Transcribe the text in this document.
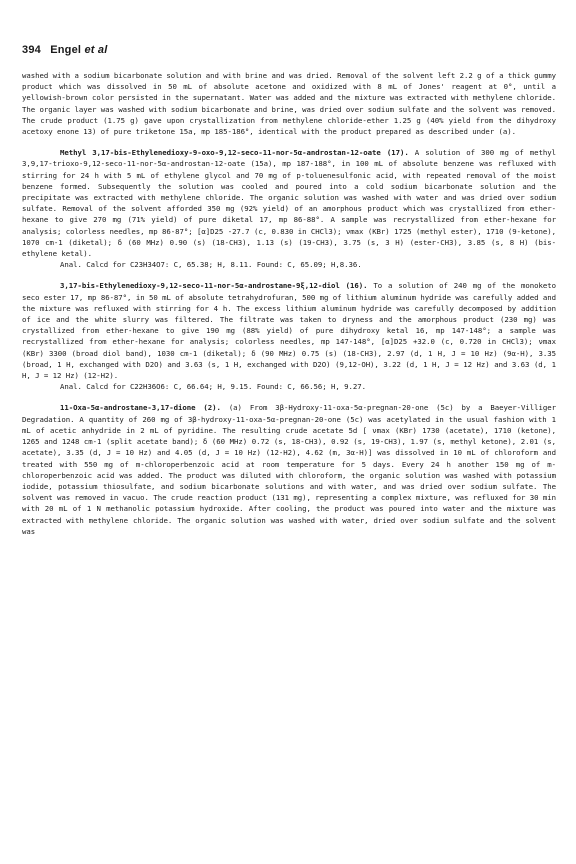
394 Engel et al

washed with a sodium bicarbonate solution and with brine and was dried. Removal of the solvent left 2.2 g of a thick gummy product which was dissolved in 50 mL of absolute acetone and oxidized with 8 mL of Jones' reagent at 0°, until a yellowish-brown color persisted in the supernatant. Water was added and the mixture was extracted with methylene chloride. The organic layer was washed with sodium bicarbonate and brine, was dried over sodium sulfate and the solvent was removed. The crude product (1.75 g) gave upon crystallization from methylene chloride-ether 1.25 g (40% yield from the dihydroxy acetoxy enone 13) of pure triketone 15a, mp 185-186°, identical with the product prepared as described under (a).

Methyl 3,17-bis-Ethylenedioxy-9-oxo-9,12-seco-11-nor-5α-androstan-12-oate (17). A solution of 300 mg of methyl 3,9,17-trioxo-9,12-seco-11-nor-5α-androstan-12-oate (15a), mp 187-188°, in 100 mL of absolute benzene was refluxed with stirring for 24 h with 5 mL of ethylene glycol and 70 mg of p-toluenesulfonic acid, with repeated removal of the moist benzene formed. Subsequently the solution was cooled and poured into a cold sodium bicarbonate solution and the precipitate was extracted with methylene chloride. The organic solution was washed with water and was dried over sodium sulfate. Removal of the solvent afforded 350 mg (92% yield) of an amorphous product which was crystallized from ether-hexane to give 270 mg (71% yield) of pure diketal 17, mp 86-88°. A sample was recrystallized from ether-hexane for analysis; colorless needles, mp 86-87°; [α]D25 -27.7 (c, 0.830 in CHCl3); νmax (KBr) 1725 (methyl ester), 1710 (9-ketone), 1070 cm-1 (diketal); δ (60 MHz) 0.90 (s) (18-CH3), 1.13 (s) (19-CH3), 3.75 (s, 3 H) (ester-CH3), 3.85 (s, 8 H) (bis-ethylene ketal).

Anal. Calcd for C23H34O7: C, 65.38; H, 8.11. Found: C, 65.09; H,8.36.

3,17-bis-Ethylenedioxy-9,12-seco-11-nor-5α-androstane-9ξ,12-diol (16). To a solution of 240 mg of the monoketo seco ester 17, mp 86-87°, in 50 mL of absolute tetrahydrofuran, 500 mg of lithium aluminum hydride was carefully added and the mixture was refluxed with stirring for 4 h. The excess lithium aluminum hydride was carefully decomposed by addition of ice and the white slurry was filtered. The filtrate was taken to dryness and the amorphous product (230 mg) was crystallized from ether-hexane to give 190 mg (88% yield) of pure dihydroxy ketal 16, mp 147-148°; a sample was recrystallized from ether-hexane for analysis; colorless needles, mp 147-148°, [α]D25 +32.0 (c, 0.720 in CHCl3); νmax (KBr) 3300 (broad diol band), 1030 cm-1 (diketal); δ (90 MHz) 0.75 (s) (18-CH3), 2.97 (d, 1 H, J = 10 Hz) (9α-H), 3.35 (broad, 1 H, exchanged with D2O) and 3.63 (s, 1 H, exchanged with D2O) (9,12-OH), 3.22 (d, 1 H, J = 12 Hz) and 3.63 (d, 1 H, J = 12 Hz) (12-H2).

Anal. Calcd for C22H36O6: C, 66.64; H, 9.15. Found: C, 66.56; H, 9.27.

11-Oxa-5α-androstane-3,17-dione (2). (a) From 3β-Hydroxy-11-oxa-5α-pregnan-20-one (5c) by a Baeyer-Villiger Degradation. A quantity of 260 mg of 3β-hydroxy-11-oxa-5α-pregnan-20-one (5c) was acetylated in the usual fashion with 1 mL of acetic anhydride in 2 mL of pyridine. The resulting crude acetate 5d [ νmax (KBr) 1730 (acetate), 1710 (ketone), 1265 and 1248 cm-1 (split acetate band); δ (60 MHz) 0.72 (s, 18-CH3), 0.92 (s, 19-CH3), 1.97 (s, methyl ketone), 2.01 (s, acetate), 3.35 (d, J = 10 Hz) and 4.05 (d, J = 10 Hz) (12-H2), 4.62 (m, 3α-H)] was dissolved in 10 mL of chloroform and treated with 550 mg of m-chloroperbenzoic acid at room temperature for 5 days. Every 24 h another 150 mg of m-chloroperbenzoic acid was added. The product was diluted with chloroform, the organic solution was washed with potassium iodide, potassium thiosulfate, and sodium bicarbonate solutions and with water, and was dried over sodium sulfate. The solvent was removed in vacuo. The crude reaction product (131 mg), representing a complex mixture, was refluxed for 30 min with 20 mL of 1 N methanolic potassium hydroxide. After cooling, the product was poured into water and the mixture was extracted with methylene chloride. The organic solution was washed with water, dried over sodium sulfate and the solvent was
